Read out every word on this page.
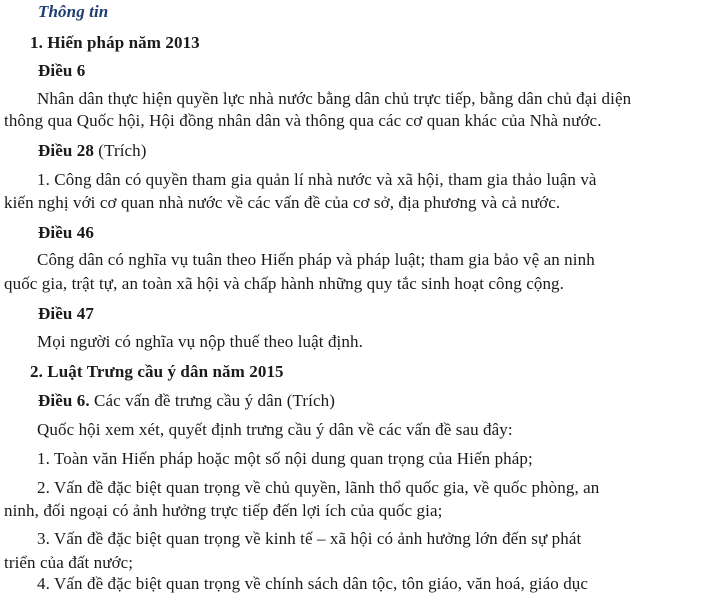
Thông tin
1. Hiến pháp năm 2013
Điều 6
Nhân dân thực hiện quyền lực nhà nước bằng dân chủ trực tiếp, bằng dân chủ đại diện
thông qua Quốc hội, Hội đồng nhân dân và thông qua các cơ quan khác của Nhà nước.
Điều 28 (Trích)
1. Công dân có quyền tham gia quản lí nhà nước và xã hội, tham gia thảo luận và
kiến nghị với cơ quan nhà nước về các vấn đề của cơ sở, địa phương và cả nước.
Điều 46
Công dân có nghĩa vụ tuân theo Hiến pháp và pháp luật; tham gia bảo vệ an ninh
quốc gia, trật tự, an toàn xã hội và chấp hành những quy tắc sinh hoạt công cộng.
Điều 47
Mọi người có nghĩa vụ nộp thuế theo luật định.
2. Luật Trưng cầu ý dân năm 2015
Điều 6. Các vấn đề trưng cầu ý dân (Trích)
Quốc hội xem xét, quyết định trưng cầu ý dân về các vấn đề sau đây:
1. Toàn văn Hiến pháp hoặc một số nội dung quan trọng của Hiến pháp;
2. Vấn đề đặc biệt quan trọng về chủ quyền, lãnh thổ quốc gia, về quốc phòng, an
ninh, đối ngoại có ảnh hưởng trực tiếp đến lợi ích của quốc gia;
3. Vấn đề đặc biệt quan trọng về kinh tế – xã hội có ảnh hưởng lớn đến sự phát
triển của đất nước;
4. Vấn đề đặc biệt quan trọng về chính sách dân tộc, tôn giáo, văn hoá, giáo dục
